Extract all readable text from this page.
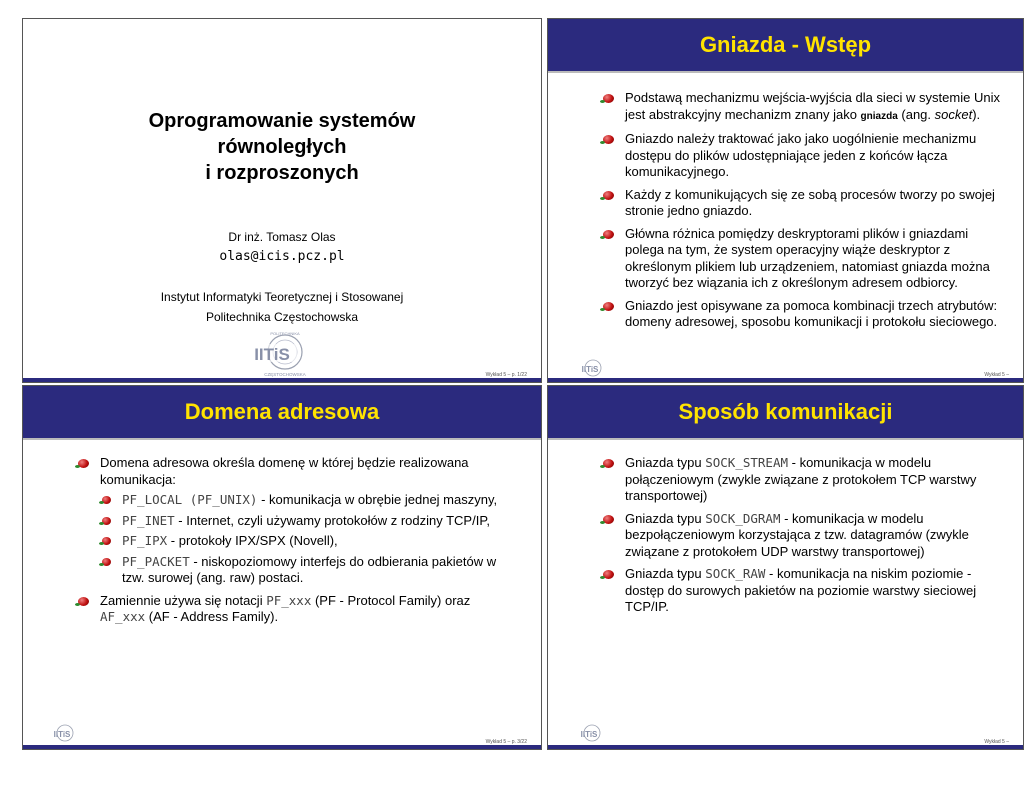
Oprogramowanie systemów
równoległych
i rozproszonych
Dr inż. Tomasz Olas
olas@icis.pcz.pl
Instytut Informatyki Teoretycznej i Stosowanej
Politechnika Częstochowska
IITiS
CZĘSTOCHOWSKA
POLITECHNIKA
Wykład 5 – p. 1/22
Gniazda - Wstęp
Podstawą mechanizmu wejścia-wyjścia dla sieci w systemie Unix jest abstrakcyjny mechanizm znany jako gniazda (ang. socket).
Gniazdo należy traktować jako jako uogólnienie mechanizmu dostępu do plików udostępniające jeden z końców łącza komunikacyjnego.
Każdy z komunikujących się ze sobą procesów tworzy po swojej stronie jedno gniazdo.
Główna różnica pomiędzy deskryptorami plików i gniazdami polega na tym, że system operacyjny wiąże deskryptor z określonym plikiem lub urządzeniem, natomiast gniazda można tworzyć bez wiązania ich z określonym adresem odbiorcy.
Gniazdo jest opisywane za pomoca kombinacji trzech atrybutów: domeny adresowej, sposobu komunikacji i protokołu sieciowego.
IITiS
Wykład 5 –
Domena adresowa
Domena adresowa określa domenę w której będzie realizowana komunikacja:
PF_LOCAL (PF_UNIX) - komunikacja w obrębie jednej maszyny,
PF_INET - Internet, czyli używamy protokołów z rodziny TCP/IP,
PF_IPX - protokoły IPX/SPX (Novell),
PF_PACKET - niskopoziomowy interfejs do odbierania pakietów w tzw. surowej (ang. raw) postaci.
Zamiennie używa się notacji PF_xxx (PF - Protocol Family) oraz AF_xxx (AF - Address Family).
IITiS
Wykład 5 – p. 3/22
Sposób komunikacji
Gniazda typu SOCK_STREAM - komunikacja w modelu połączeniowym (zwykle związane z protokołem TCP warstwy transportowej)
Gniazda typu SOCK_DGRAM - komunikacja w modelu bezpołączeniowym korzystająca z tzw. datagramów (zwykle związane z protokołem UDP warstwy transportowej)
Gniazda typu SOCK_RAW - komunikacja na niskim poziomie - dostęp do surowych pakietów na poziomie warstwy sieciowej TCP/IP.
IITiS
Wykład 5 –
